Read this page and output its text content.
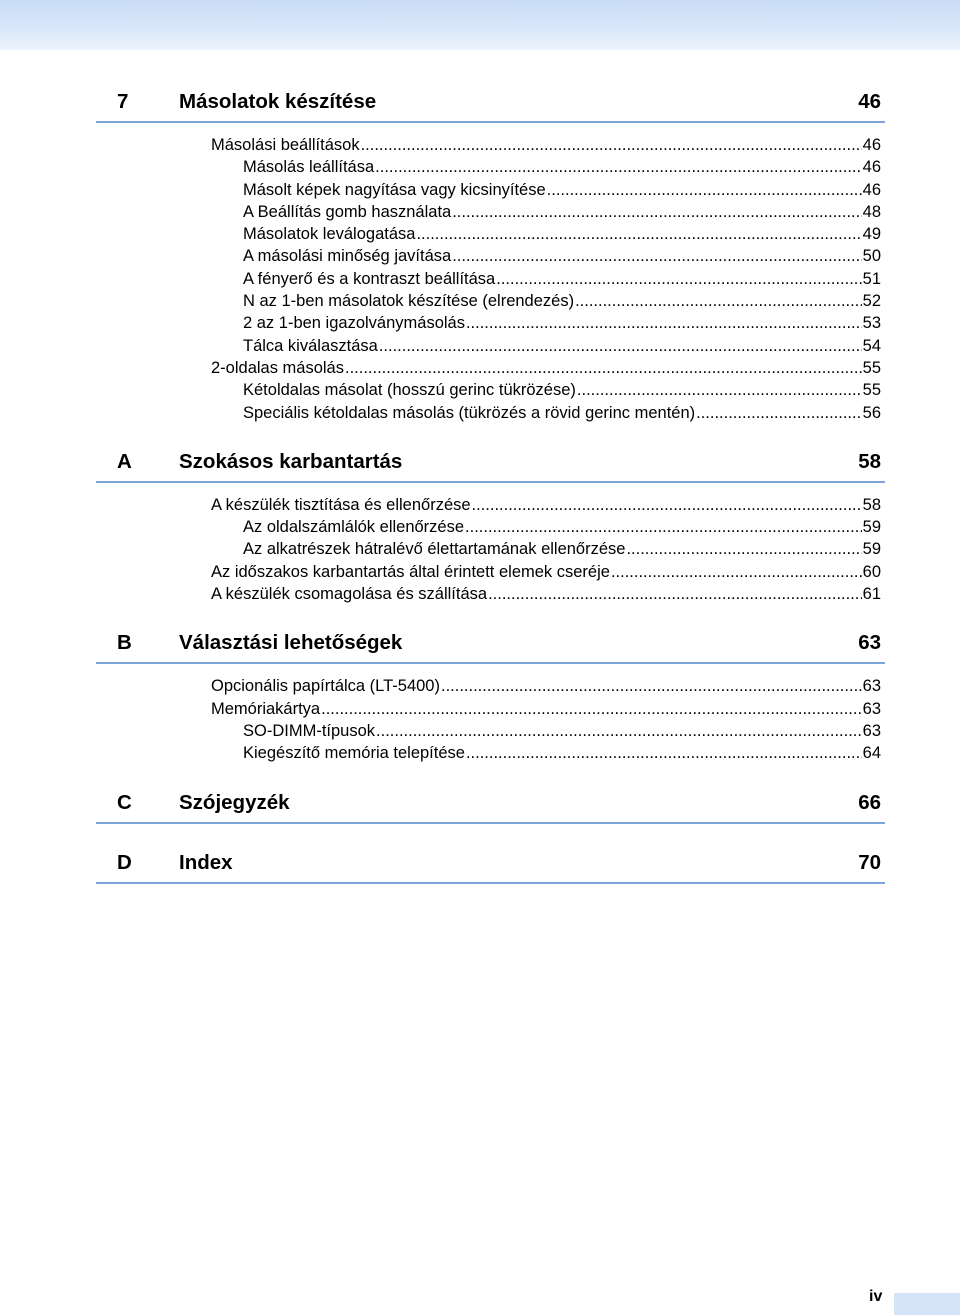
7 Másolatok készítése	46
Másolási beállítások .....	46
Másolás leállítása .....	46
Másolt képek nagyítása vagy kicsinyítése .....	46
A Beállítás gomb használata .....	48
Másolatok leválogatása .....	49
A másolási minőség javítása .....	50
A fényerő és a kontraszt beállítása .....	51
N az 1-ben másolatok készítése (elrendezés) .....	52
2 az 1-ben igazolványmásolás .....	53
Tálca kiválasztása .....	54
2-oldalas másolás .....	55
Kétoldalas másolat (hosszú gerinc tükrözése) .....	55
Speciális kétoldalas másolás (tükrözés a rövid gerinc mentén) .....	56
A Szokásos karbantartás	58
A készülék tisztítása és ellenőrzése .....	58
Az oldalszámlálók ellenőrzése .....	59
Az alkatrészek hátralévő élettartamának ellenőrzése .....	59
Az időszakos karbantartás által érintett elemek cseréje .....	60
A készülék csomagolása és szállítása .....	61
B Választási lehetőségek	63
Opcionális papírtálca (LT-5400) .....	63
Memóriakártya .....	63
SO-DIMM-típusok .....	63
Kiegészítő memória telepítése .....	64
C Szójegyzék	66
D Index	70
iv
